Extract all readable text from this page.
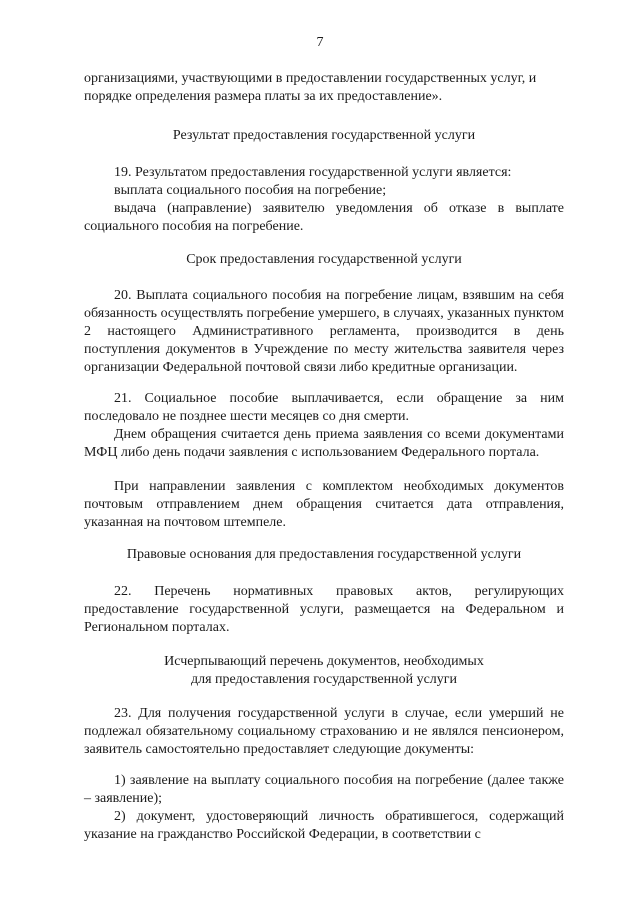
7
организациями, участвующими в предоставлении государственных услуг, и порядке определения размера платы за их предоставление».
Результат предоставления государственной услуги
19. Результатом предоставления государственной услуги является:
выплата социального пособия на погребение;
выдача (направление) заявителю уведомления об отказе в выплате социального пособия на погребение.
Срок предоставления государственной услуги
20. Выплата социального пособия на погребение лицам, взявшим на себя обязанность осуществлять погребение умершего, в случаях, указанных пунктом 2 настоящего Административного регламента, производится в день поступления документов в Учреждение по месту жительства заявителя через организации Федеральной почтовой связи либо кредитные организации.
21. Социальное пособие выплачивается, если обращение за ним последовало не позднее шести месяцев со дня смерти.
Днем обращения считается день приема заявления со всеми документами МФЦ либо день подачи заявления с использованием Федерального портала.
При направлении заявления с комплектом необходимых документов почтовым отправлением днем обращения считается дата отправления, указанная на почтовом штемпеле.
Правовые основания для предоставления государственной услуги
22. Перечень нормативных правовых актов, регулирующих предоставление государственной услуги, размещается на Федеральном и Региональном порталах.
Исчерпывающий перечень документов, необходимых
для предоставления государственной услуги
23. Для получения государственной услуги в случае, если умерший не подлежал обязательному социальному страхованию и не являлся пенсионером, заявитель самостоятельно предоставляет следующие документы:
1) заявление на выплату социального пособия на погребение (далее также – заявление);
2) документ, удостоверяющий личность обратившегося, содержащий указание на гражданство Российской Федерации, в соответствии с
